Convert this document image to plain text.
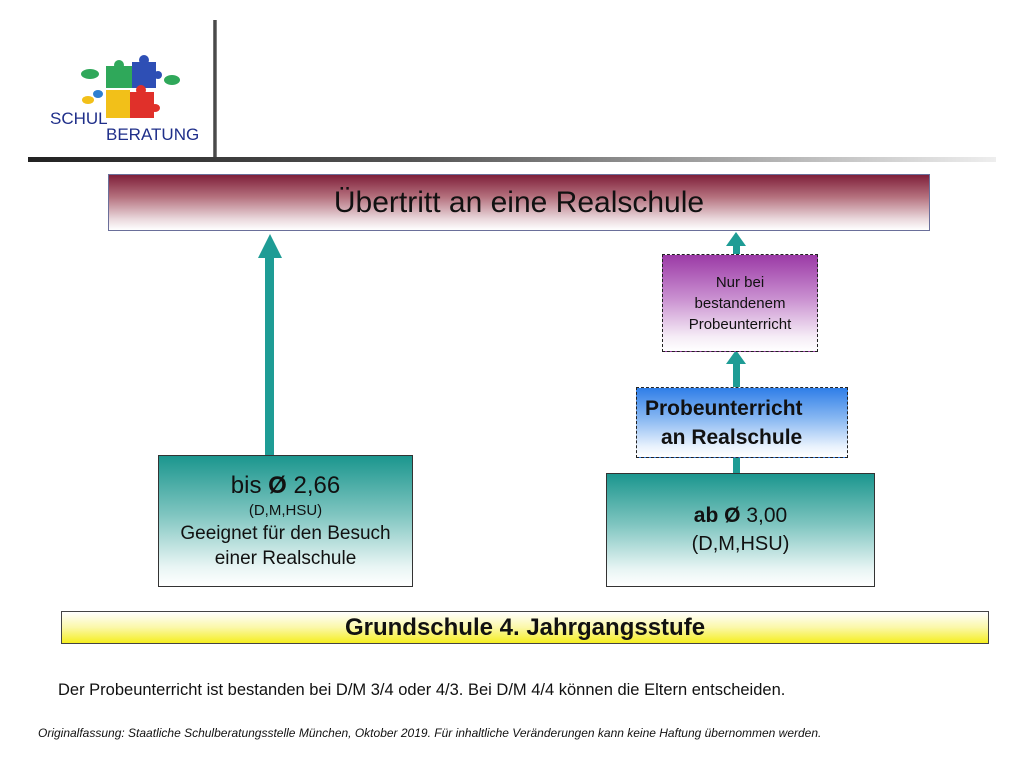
SCHUL
BERATUNG
Übertritt an eine Realschule
Nur bei
bestandenem
Probeunterricht
Probeunterricht
an Realschule
bis Ø 2,66
(D,M,HSU)
Geeignet für den Besuch
einer Realschule
ab Ø 3,00
(D,M,HSU)
Grundschule 4. Jahrgangsstufe
Der Probeunterricht ist bestanden bei D/M 3/4 oder 4/3. Bei D/M 4/4 können die Eltern entscheiden.
Originalfassung: Staatliche Schulberatungsstelle München, Oktober 2019. Für inhaltliche Veränderungen kann keine Haftung übernommen werden.
